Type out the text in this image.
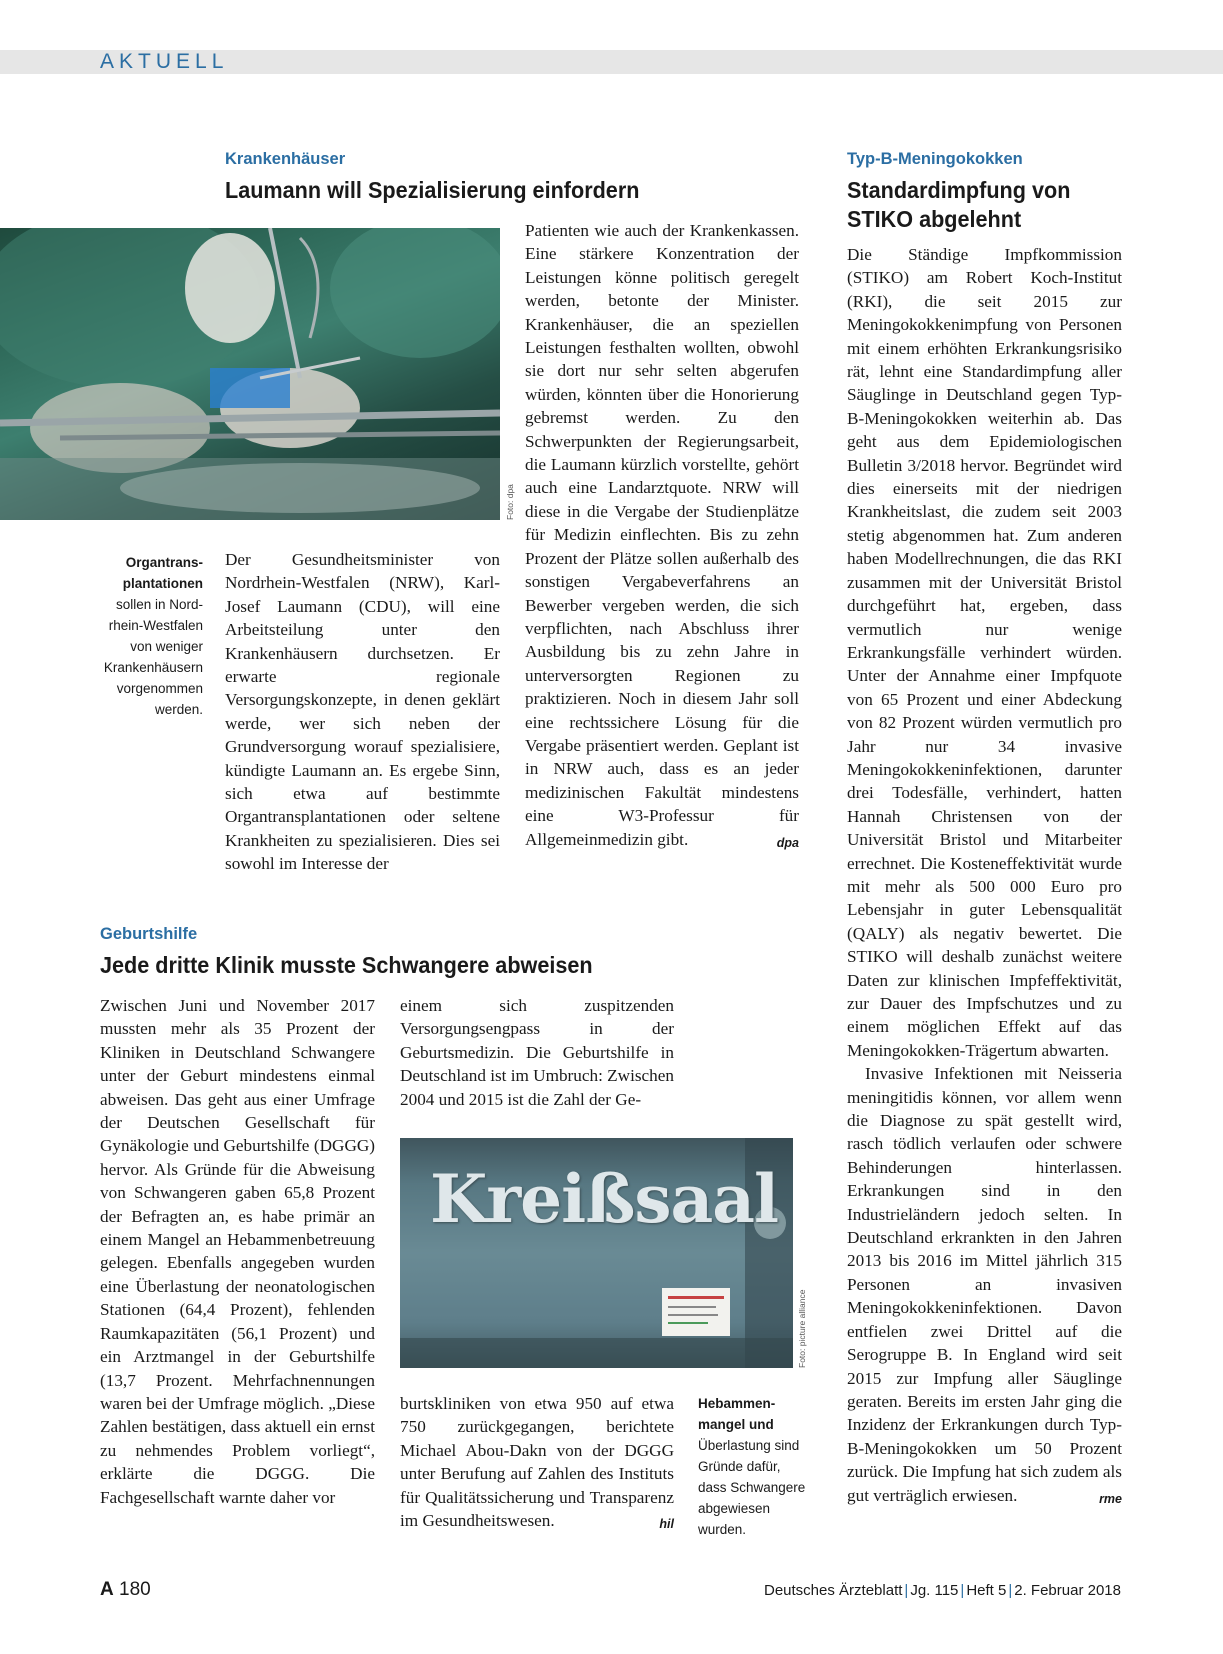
AKTUELL
Krankenhäuser
Laumann will Spezialisierung einfordern
Foto: dpa
Organtrans- plantationen sollen in Nord- rhein-Westfalen von weniger Krankenhäusern vorgenommen werden.

Der Gesundheitsminister von Nordrhein-Westfalen (NRW), Karl-Josef Laumann (CDU), will eine Arbeitsteilung unter den Krankenhäusern durchsetzen. Er erwarte regionale Versorgungskonzepte, in denen geklärt werde, wer sich neben der Grundversorgung worauf spezialisiere, kündigte Laumann an. Es ergebe Sinn, sich etwa auf bestimmte Organtransplantationen oder seltene Krankheiten zu spezialisieren. Dies sei sowohl im Interesse der

Patienten wie auch der Krankenkassen. Eine stärkere Konzentration der Leistungen könne politisch geregelt werden, betonte der Minister. Krankenhäuser, die an speziellen Leistungen festhalten wollten, obwohl sie dort nur sehr selten abgerufen würden, könnten über die Honorierung gebremst werden. Zu den Schwerpunkten der Regierungsarbeit, die Laumann kürzlich vorstellte, gehört auch eine Landarztquote. NRW will diese in die Vergabe der Studienplätze für Medizin einflechten. Bis zu zehn Prozent der Plätze sollen außerhalb des sonstigen Vergabeverfahrens an Bewerber vergeben werden, die sich verpflichten, nach Abschluss ihrer Ausbildung bis zu zehn Jahre in unterversorgten Regionen zu praktizieren. Noch in diesem Jahr soll eine rechtssichere Lösung für die Vergabe präsentiert werden. Geplant ist in NRW auch, dass es an jeder medizinischen Fakultät mindestens eine W3-Professur für Allgemeinmedizin gibt.	dpa

Geburtshilfe
Jede dritte Klinik musste Schwangere abweisen

Zwischen Juni und November 2017 mussten mehr als 35 Prozent der Kliniken in Deutschland Schwangere unter der Geburt mindestens einmal abweisen. Das geht aus einer Umfrage der Deutschen Gesellschaft für Gynäkologie und Geburtshilfe (DGGG) hervor. Als Gründe für die Abweisung von Schwangeren gaben 65,8 Prozent der Befragten an, es habe primär an einem Mangel an Hebammenbetreuung gelegen. Ebenfalls angegeben wurden eine Überlastung der neonatologischen Stationen (64,4 Prozent), fehlenden Raumkapazitäten (56,1 Prozent) und ein Arztmangel in der Geburtshilfe (13,7 Prozent. Mehrfachnennungen waren bei der Umfrage möglich. „Diese Zahlen bestätigen, dass aktuell ein ernst zu nehmendes Problem vorliegt“, erklärte die DGGG. Die Fachgesellschaft warnte daher vor

einem sich zuspitzenden Versorgungsengpass in der Geburtsmedizin. Die Geburtshilfe in Deutschland ist im Umbruch: Zwischen 2004 und 2015 ist die Zahl der Ge-

Kreißsaal
Foto: picture alliance

burtskliniken von etwa 950 auf etwa 750 zurückgegangen, berichtete Michael Abou-Dakn von der DGGG unter Berufung auf Zahlen des Instituts für Qualitätssicherung und Transparenz im Gesundheitswesen.	hil

Hebammen- mangel und Überlastung sind Gründe dafür, dass Schwangere abgewiesen wurden.
Typ-B-Meningokokken
Standardimpfung von
STIKO abgelehnt

Die Ständige Impfkommission (STIKO) am Robert Koch-Institut (RKI), die seit 2015 zur Meningokokkenimpfung von Personen mit einem erhöhten Erkrankungsrisiko rät, lehnt eine Standardimpfung aller Säuglinge in Deutschland gegen Typ-B-Meningokokken weiterhin ab. Das geht aus dem Epidemiologischen Bulletin 3/2018 hervor. Begründet wird dies einerseits mit der niedrigen Krankheitslast, die zudem seit 2003 stetig abgenommen hat. Zum anderen haben Modellrechnungen, die das RKI zusammen mit der Universität Bristol durchgeführt hat, ergeben, dass vermutlich nur wenige Erkrankungsfälle verhindert würden. Unter der Annahme einer Impfquote von 65 Prozent und einer Abdeckung von 82 Prozent würden vermutlich pro Jahr nur 34 invasive Meningokokkeninfektionen, darunter drei Todesfälle, verhindert, hatten Hannah Christensen von der Universität Bristol und Mitarbeiter errechnet. Die Kosteneffektivität wurde mit mehr als 500 000 Euro pro Lebensjahr in guter Lebensqualität (QALY) als negativ bewertet. Die STIKO will deshalb zunächst weitere Daten zur klinischen Impfeffektivität, zur Dauer des Impfschutzes und zu einem möglichen Effekt auf das Meningokokken-Trägertum abwarten.

Invasive Infektionen mit Neisseria meningitidis können, vor allem wenn die Diagnose zu spät gestellt wird, rasch tödlich verlaufen oder schwere Behinderungen hinterlassen. Erkrankungen sind in den Industrieländern jedoch selten. In Deutschland erkrankten in den Jahren 2013 bis 2016 im Mittel jährlich 315 Personen an invasiven Meningokokkeninfektionen. Davon entfielen zwei Drittel auf die Serogruppe B. In England wird seit 2015 zur Impfung aller Säuglinge geraten. Bereits im ersten Jahr ging die Inzidenz der Erkrankungen durch Typ-B-Meningokokken um 50 Prozent zurück. Die Impfung hat sich zudem als gut verträglich erwiesen.	rme

A 180	Deutsches Ärzteblatt | Jg. 115 | Heft 5 | 2. Februar 2018
